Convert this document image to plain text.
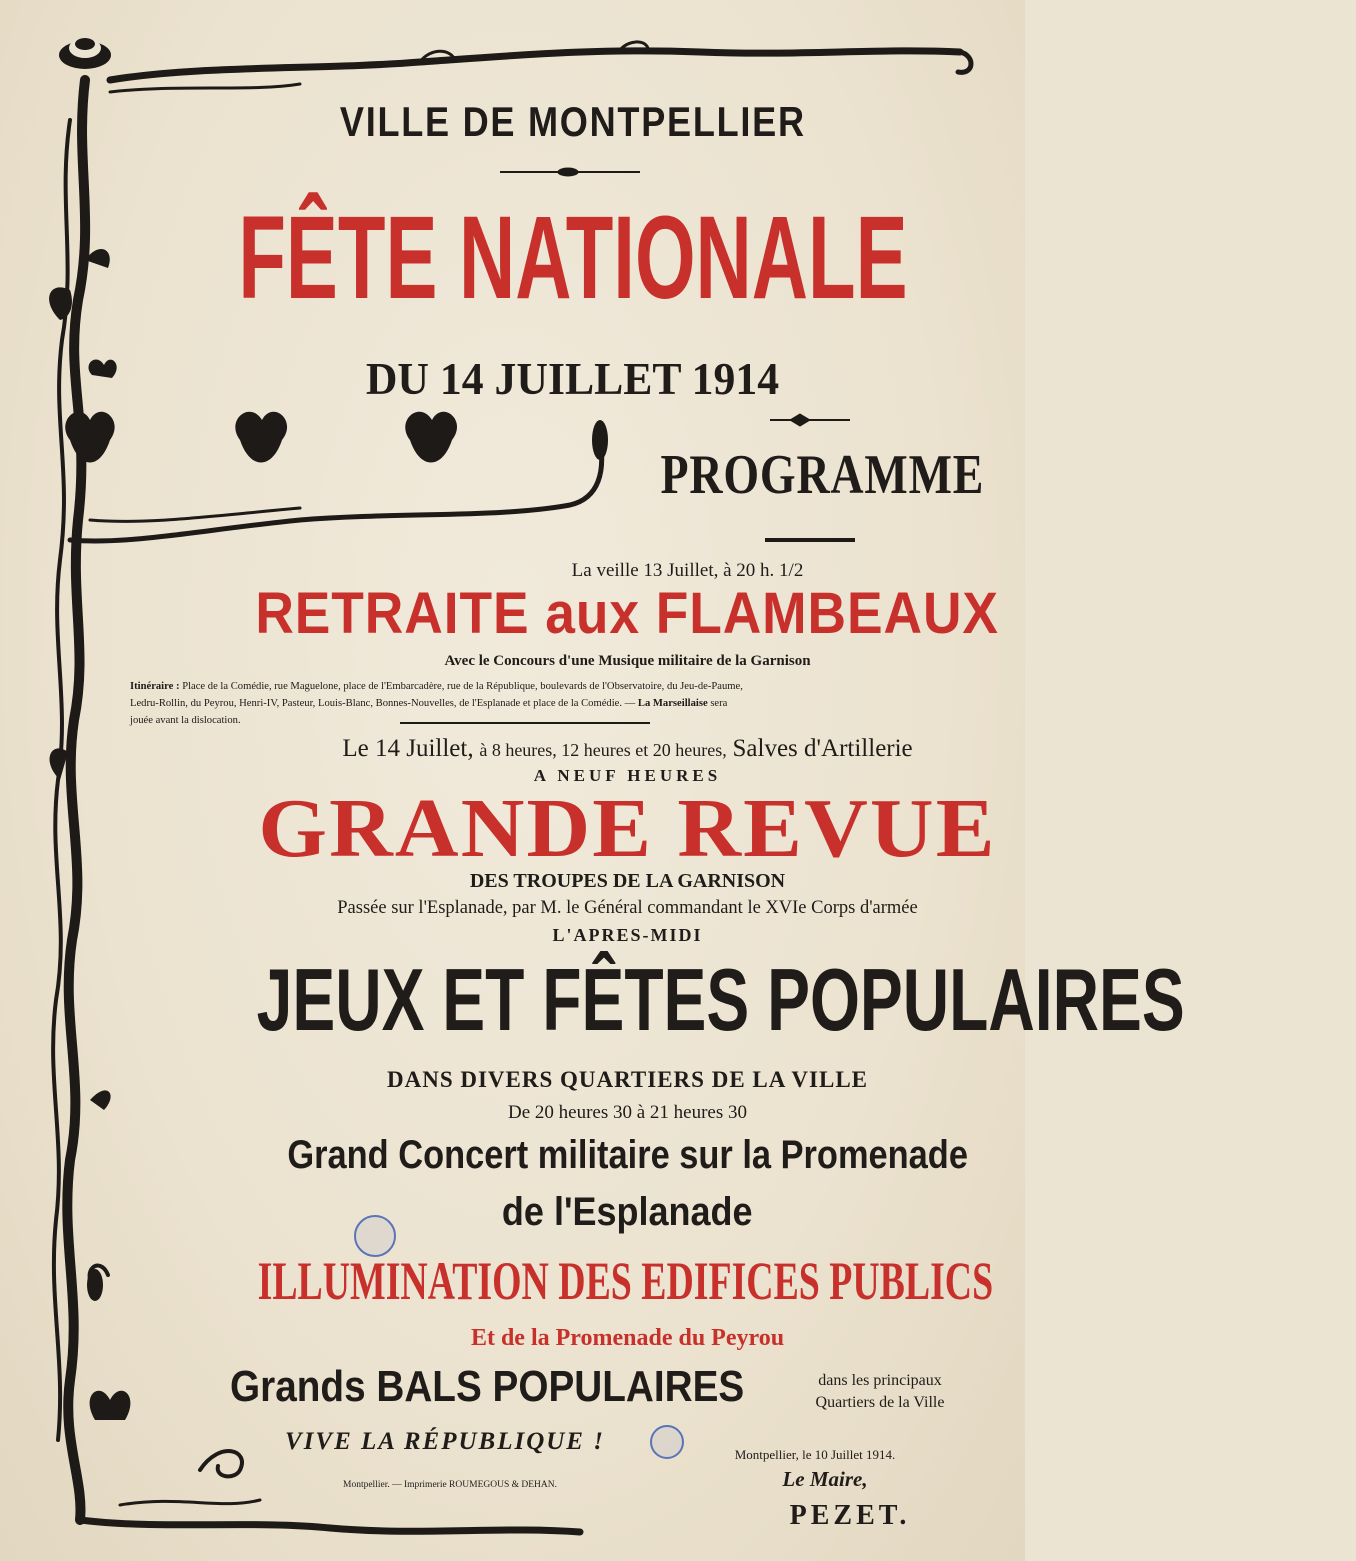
VILLE DE MONTPELLIER
FÊTE NATIONALE
DU 14 JUILLET 1914
PROGRAMME
La veille 13 Juillet, à 20 h. 1/2
RETRAITE aux FLAMBEAUX
Avec le Concours d'une Musique militaire de la Garnison
Itinéraire : Place de la Comédie, rue Maguelone, place de l'Embarcadère, rue de la République, boulevards de l'Observatoire, du Jeu-de-Paume,
Ledru-Rollin, du Peyrou, Henri-IV, Pasteur, Louis-Blanc, Bonnes-Nouvelles, de l'Esplanade et place de la Comédie. — La Marseillaise sera
jouée avant la dislocation.
Le 14 Juillet, à 8 heures, 12 heures et 20 heures, Salves d'Artillerie
A NEUF HEURES
GRANDE REVUE
DES TROUPES DE LA GARNISON
Passée sur l'Esplanade, par M. le Général commandant le XVIe Corps d'armée
L'APRES-MIDI
JEUX ET FÊTES POPULAIRES
DANS DIVERS QUARTIERS DE LA VILLE
De 20 heures 30 à 21 heures 30
Grand Concert militaire sur la Promenade
de l'Esplanade
ILLUMINATION DES EDIFICES PUBLICS
Et de la Promenade du Peyrou
Grands BALS POPULAIRES	dans les principaux
Quartiers de la Ville
VIVE LA RÉPUBLIQUE !
Montpellier. — Imprimerie ROUMEGOUS & DEHAN.
Montpellier, le 10 Juillet 1914.
Le Maire,
PEZET.
